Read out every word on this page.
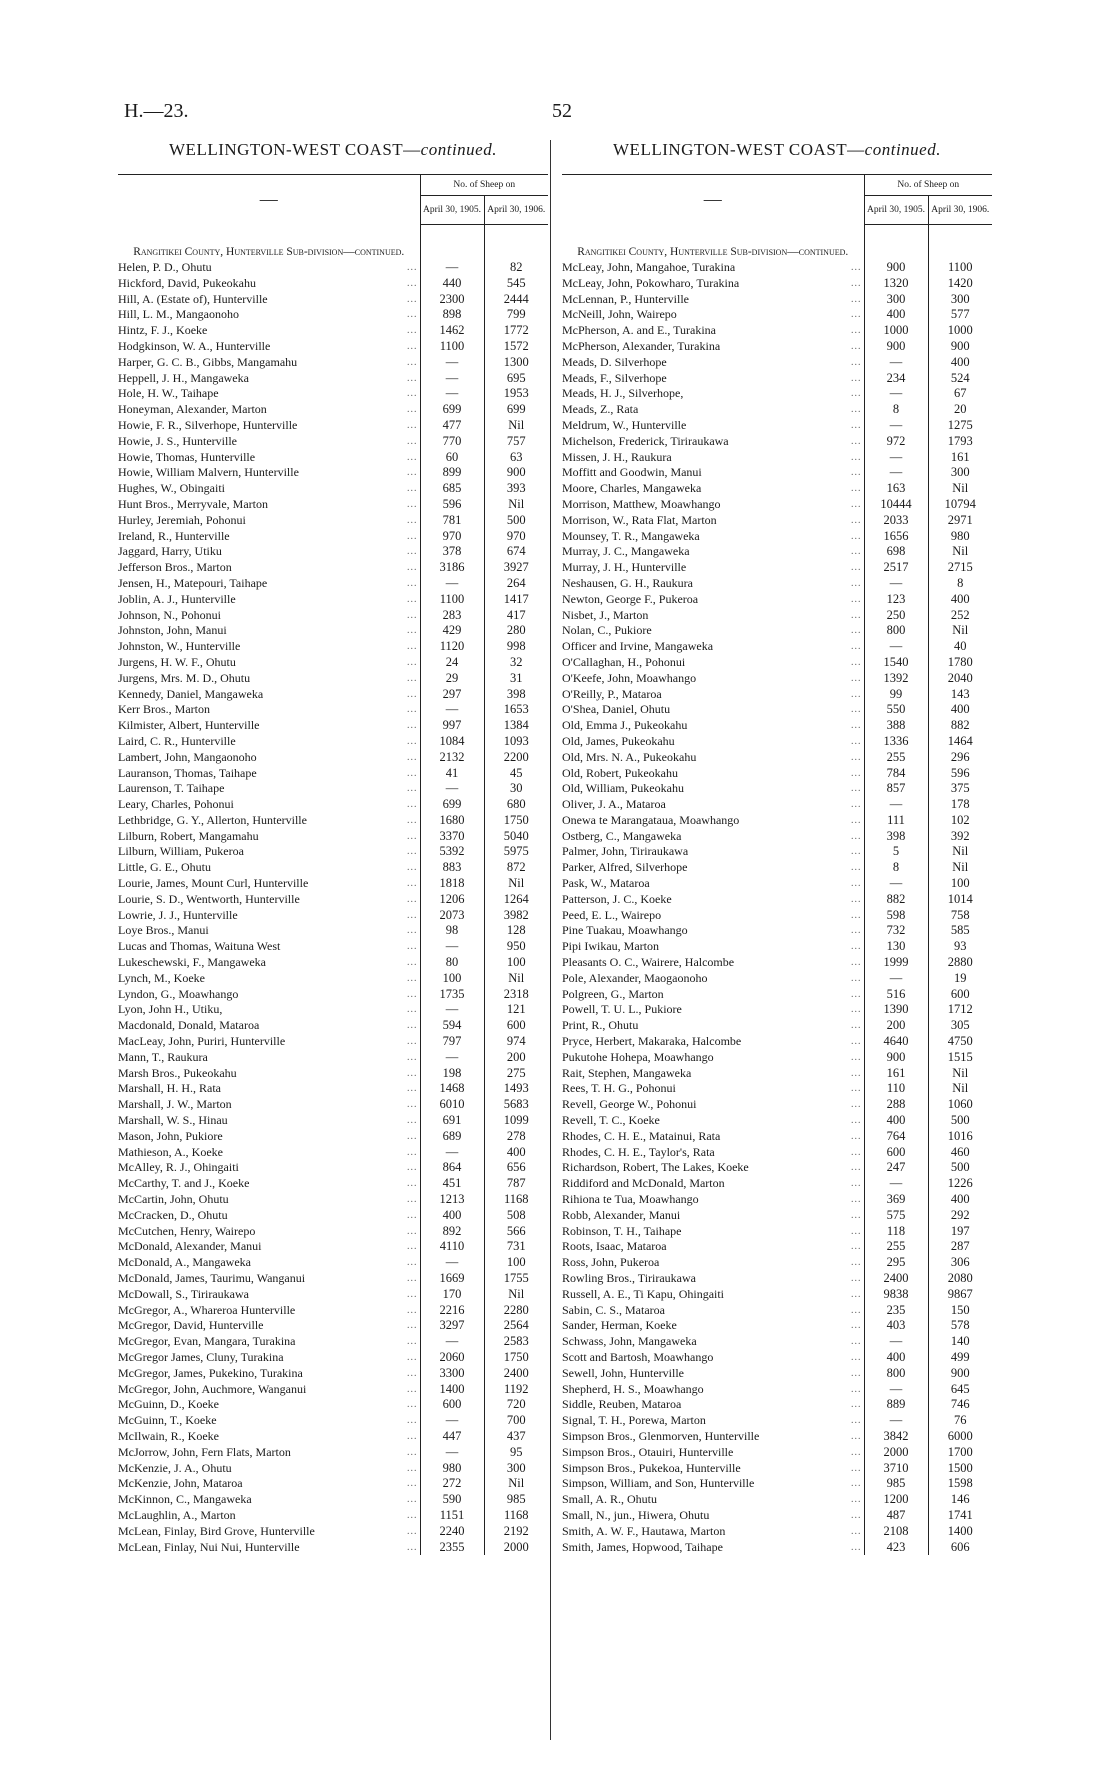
H.—23.	52
WELLINGTON-WEST COAST—continued.
—	No. of Sheep on	
	April 30, 1905.	April 30, 1906.

Rangitikei County, Hunterville Sub-division—continued.		
Helen, P. D., Ohutu ...	—	82
Hickford, David, Pukeokahu ...	440	545
Hill, A. (Estate of), Hunterville ...	2300	2444
Hill, L. M., Mangaonoho ...	898	799
Hintz, F. J., Koeke ...	1462	1772
Hodgkinson, W. A., Hunterville ...	1100	1572
Harper, G. C. B., Gibbs, Mangamahu ...	—	1300
Heppell, J. H., Mangaweka ...	—	695
Hole, H. W., Taihape ...	—	1953
Honeyman, Alexander, Marton ...	699	699
Howie, F. R., Silverhope, Hunterville ...	477	Nil
Howie, J. S., Hunterville ...	770	757
Howie, Thomas, Hunterville ...	60	63
Howie, William Malvern, Hunterville ...	899	900
Hughes, W., Obingaiti ...	685	393
Hunt Bros., Merryvale, Marton ...	596	Nil
Hurley, Jeremiah, Pohonui ...	781	500
Ireland, R., Hunterville ...	970	970
Jaggard, Harry, Utiku ...	378	674
Jefferson Bros., Marton ...	3186	3927
Jensen, H., Matepouri, Taihape ...	—	264
Joblin, A. J., Hunterville ...	1100	1417
Johnson, N., Pohonui ...	283	417
Johnston, John, Manui ...	429	280
Johnston, W., Hunterville ...	1120	998
Jurgens, H. W. F., Ohutu ...	24	32
Jurgens, Mrs. M. D., Ohutu ...	29	31
Kennedy, Daniel, Mangaweka ...	297	398
Kerr Bros., Marton ...	—	1653
Kilmister, Albert, Hunterville ...	997	1384
Laird, C. R., Hunterville ...	1084	1093
Lambert, John, Mangaonoho ...	2132	2200
Lauranson, Thomas, Taihape ...	41	45
Laurenson, T. Taihape ...	—	30
Leary, Charles, Pohonui ...	699	680
Lethbridge, G. Y., Allerton, Hunterville ...	1680	1750
Lilburn, Robert, Mangamahu ...	3370	5040
Lilburn, William, Pukeroa ...	5392	5975
Little, G. E., Ohutu ...	883	872
Lourie, James, Mount Curl, Hunterville ...	1818	Nil
Lourie, S. D., Wentworth, Hunterville ...	1206	1264
Lowrie, J. J., Hunterville ...	2073	3982
Loye Bros., Manui ...	98	128
Lucas and Thomas, Waituna West ...	—	950
Lukeschewski, F., Mangaweka ...	80	100
Lynch, M., Koeke ...	100	Nil
Lyndon, G., Moawhango ...	1735	2318
Lyon, John H., Utiku, ...	—	121
Macdonald, Donald, Mataroa ...	594	600
MacLeay, John, Puriri, Hunterville ...	797	974
Mann, T., Raukura ...	—	200
Marsh Bros., Pukeokahu ...	198	275
Marshall, H. H., Rata ...	1468	1493
Marshall, J. W., Marton ...	6010	5683
Marshall, W. S., Hinau ...	691	1099
Mason, John, Pukiore ...	689	278
Mathieson, A., Koeke ...	—	400
McAlley, R. J., Ohingaiti ...	864	656
McCarthy, T. and J., Koeke ...	451	787
McCartin, John, Ohutu ...	1213	1168
McCracken, D., Ohutu ...	400	508
McCutchen, Henry, Wairepo ...	892	566
McDonald, Alexander, Manui ...	4110	731
McDonald, A., Mangaweka ...	—	100
McDonald, James, Taurimu, Wanganui ...	1669	1755
McDowall, S., Tiriraukawa ...	170	Nil
McGregor, A., Whareroa Hunterville ...	2216	2280
McGregor, David, Hunterville ...	3297	2564
McGregor, Evan, Mangara, Turakina ...	—	2583
McGregor James, Cluny, Turakina ...	2060	1750
McGregor, James, Pukekino, Turakina ...	3300	2400
McGregor, John, Auchmore, Wanganui ...	1400	1192
McGuinn, D., Koeke ...	600	720
McGuinn, T., Koeke ...	—	700
McIlwain, R., Koeke ...	447	437
McJorrow, John, Fern Flats, Marton ...	—	95
McKenzie, J. A., Ohutu ...	980	300
McKenzie, John, Mataroa ...	272	Nil
McKinnon, C., Mangaweka ...	590	985
McLaughlin, A., Marton ...	1151	1168
McLean, Finlay, Bird Grove, Hunterville ...	2240	2192
McLean, Finlay, Nui Nui, Hunterville ...	2355	2000
WELLINGTON-WEST COAST—continued.
—	No. of Sheep on	
	April 30, 1905.	April 30, 1906.

Rangitikei County, Hunterville Sub-division—continued.		
McLeay, John, Mangahoe, Turakina ...	900	1100
McLeay, John, Pokowharo, Turakina ...	1320	1420
McLennan, P., Hunterville ...	300	300
McNeill, John, Wairepo ...	400	577
McPherson, A. and E., Turakina ...	1000	1000
McPherson, Alexander, Turakina ...	900	900
Meads, D. Silverhope ...	—	400
Meads, F., Silverhope ...	234	524
Meads, H. J., Silverhope, ...	—	67
Meads, Z., Rata ...	8	20
Meldrum, W., Hunterville ...	—	1275
Michelson, Frederick, Tiriraukawa ...	972	1793
Missen, J. H., Raukura ...	—	161
Moffitt and Goodwin, Manui ...	—	300
Moore, Charles, Mangaweka ...	163	Nil
Morrison, Matthew, Moawhango ...	10444	10794
Morrison, W., Rata Flat, Marton ...	2033	2971
Mounsey, T. R., Mangaweka ...	1656	980
Murray, J. C., Mangaweka ...	698	Nil
Murray, J. H., Hunterville ...	2517	2715
Neshausen, G. H., Raukura ...	—	8
Newton, George F., Pukeroa ...	123	400
Nisbet, J., Marton ...	250	252
Nolan, C., Pukiore ...	800	Nil
Officer and Irvine, Mangaweka ...	—	40
O'Callaghan, H., Pohonui ...	1540	1780
O'Keefe, John, Moawhango ...	1392	2040
O'Reilly, P., Mataroa ...	99	143
O'Shea, Daniel, Ohutu ...	550	400
Old, Emma J., Pukeokahu ...	388	882
Old, James, Pukeokahu ...	1336	1464
Old, Mrs. N. A., Pukeokahu ...	255	296
Old, Robert, Pukeokahu ...	784	596
Old, William, Pukeokahu ...	857	375
Oliver, J. A., Mataroa ...	—	178
Onewa te Marangataua, Moawhango ...	111	102
Ostberg, C., Mangaweka ...	398	392
Palmer, John, Tiriraukawa ...	5	Nil
Parker, Alfred, Silverhope ...	8	Nil
Pask, W., Mataroa ...	—	100
Patterson, J. C., Koeke ...	882	1014
Peed, E. L., Wairepo ...	598	758
Pine Tuakau, Moawhango ...	732	585
Pipi Iwikau, Marton ...	130	93
Pleasants O. C., Wairere, Halcombe ...	1999	2880
Pole, Alexander, Maogaonoho ...	—	19
Polgreen, G., Marton ...	516	600
Powell, T. U. L., Pukiore ...	1390	1712
Print, R., Ohutu ...	200	305
Pryce, Herbert, Makaraka, Halcombe ...	4640	4750
Pukutohe Hohepa, Moawhango ...	900	1515
Rait, Stephen, Mangaweka ...	161	Nil
Rees, T. H. G., Pohonui ...	110	Nil
Revell, George W., Pohonui ...	288	1060
Revell, T. C., Koeke ...	400	500
Rhodes, C. H. E., Matainui, Rata ...	764	1016
Rhodes, C. H. E., Taylor's, Rata ...	600	460
Richardson, Robert, The Lakes, Koeke ...	247	500
Riddiford and McDonald, Marton ...	—	1226
Rihiona te Tua, Moawhango ...	369	400
Robb, Alexander, Manui ...	575	292
Robinson, T. H., Taihape ...	118	197
Roots, Isaac, Mataroa ...	255	287
Ross, John, Pukeroa ...	295	306
Rowling Bros., Tiriraukawa ...	2400	2080
Russell, A. E., Ti Kapu, Ohingaiti ...	9838	9867
Sabin, C. S., Mataroa ...	235	150
Sander, Herman, Koeke ...	403	578
Schwass, John, Mangaweka ...	—	140
Scott and Bartosh, Moawhango ...	400	499
Sewell, John, Hunterville ...	800	900
Shepherd, H. S., Moawhango ...	—	645
Siddle, Reuben, Mataroa ...	889	746
Signal, T. H., Porewa, Marton ...	—	76
Simpson Bros., Glenmorven, Hunterville ...	3842	6000
Simpson Bros., Otauiri, Hunterville ...	2000	1700
Simpson Bros., Pukekoa, Hunterville ...	3710	1500
Simpson, William, and Son, Hunterville ...	985	1598
Small, A. R., Ohutu ...	1200	146
Small, N., jun., Hiwera, Ohutu ...	487	1741
Smith, A. W. F., Hautawa, Marton ...	2108	1400
Smith, James, Hopwood, Taihape ...	423	606
